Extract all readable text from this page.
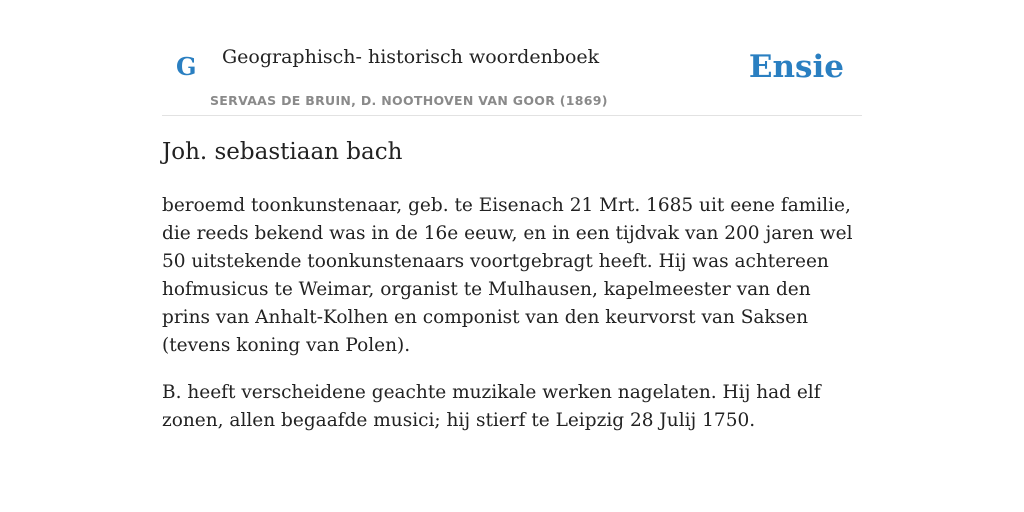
G Geographisch- historisch woordenboek
SERVAAS DE BRUIN, D. NOOTHOVEN VAN GOOR (1869)
Ensie
Joh. sebastiaan bach

beroemd toonkunstenaar, geb. te Eisenach 21 Mrt. 1685 uit eene familie, die reeds bekend was in de 16e eeuw, en in een tijdvak van 200 jaren wel 50 uitstekende toonkunstenaars voortgebragt heeft. Hij was achtereen hofmusicus te Weimar, organist te Mulhausen, kapelmeester van den prins van Anhalt-Kolhen en componist van den keurvorst van Saksen (tevens koning van Polen).

B. heeft verscheidene geachte muzikale werken nagelaten. Hij had elf zonen, allen begaafde musici; hij stierf te Leipzig 28 Julij 1750.
